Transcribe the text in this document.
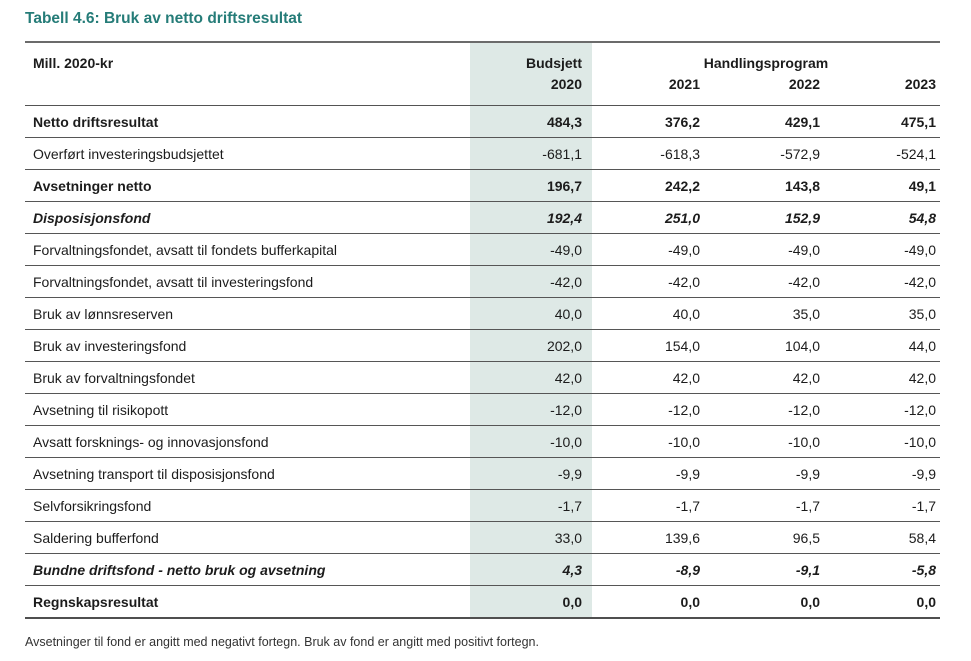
Tabell 4.6: Bruk av netto driftsresultat
Mill. 2020-kr	Budsjett	Handlingsprogram		
	2020	2021	2022	2023
Netto driftsresultat	484,3	376,2	429,1	475,1
Overført investeringsbudsjettet	-681,1	-618,3	-572,9	-524,1
Avsetninger netto	196,7	242,2	143,8	49,1
Disposisjonsfond	192,4	251,0	152,9	54,8
Forvaltningsfondet, avsatt til fondets bufferkapital	-49,0	-49,0	-49,0	-49,0
Forvaltningsfondet, avsatt til investeringsfond	-42,0	-42,0	-42,0	-42,0
Bruk av lønnsreserven	40,0	40,0	35,0	35,0
Bruk av investeringsfond	202,0	154,0	104,0	44,0
Bruk av forvaltningsfondet	42,0	42,0	42,0	42,0
Avsetning til risikopott	-12,0	-12,0	-12,0	-12,0
Avsatt forsknings- og innovasjonsfond	-10,0	-10,0	-10,0	-10,0
Avsetning transport til disposisjonsfond	-9,9	-9,9	-9,9	-9,9
Selvforsikringsfond	-1,7	-1,7	-1,7	-1,7
Saldering bufferfond	33,0	139,6	96,5	58,4
Bundne driftsfond - netto bruk og avsetning	4,3	-8,9	-9,1	-5,8
Regnskapsresultat	0,0	0,0	0,0	0,0

Avsetninger til fond er angitt med negativt fortegn. Bruk av fond er angitt med positivt fortegn.
